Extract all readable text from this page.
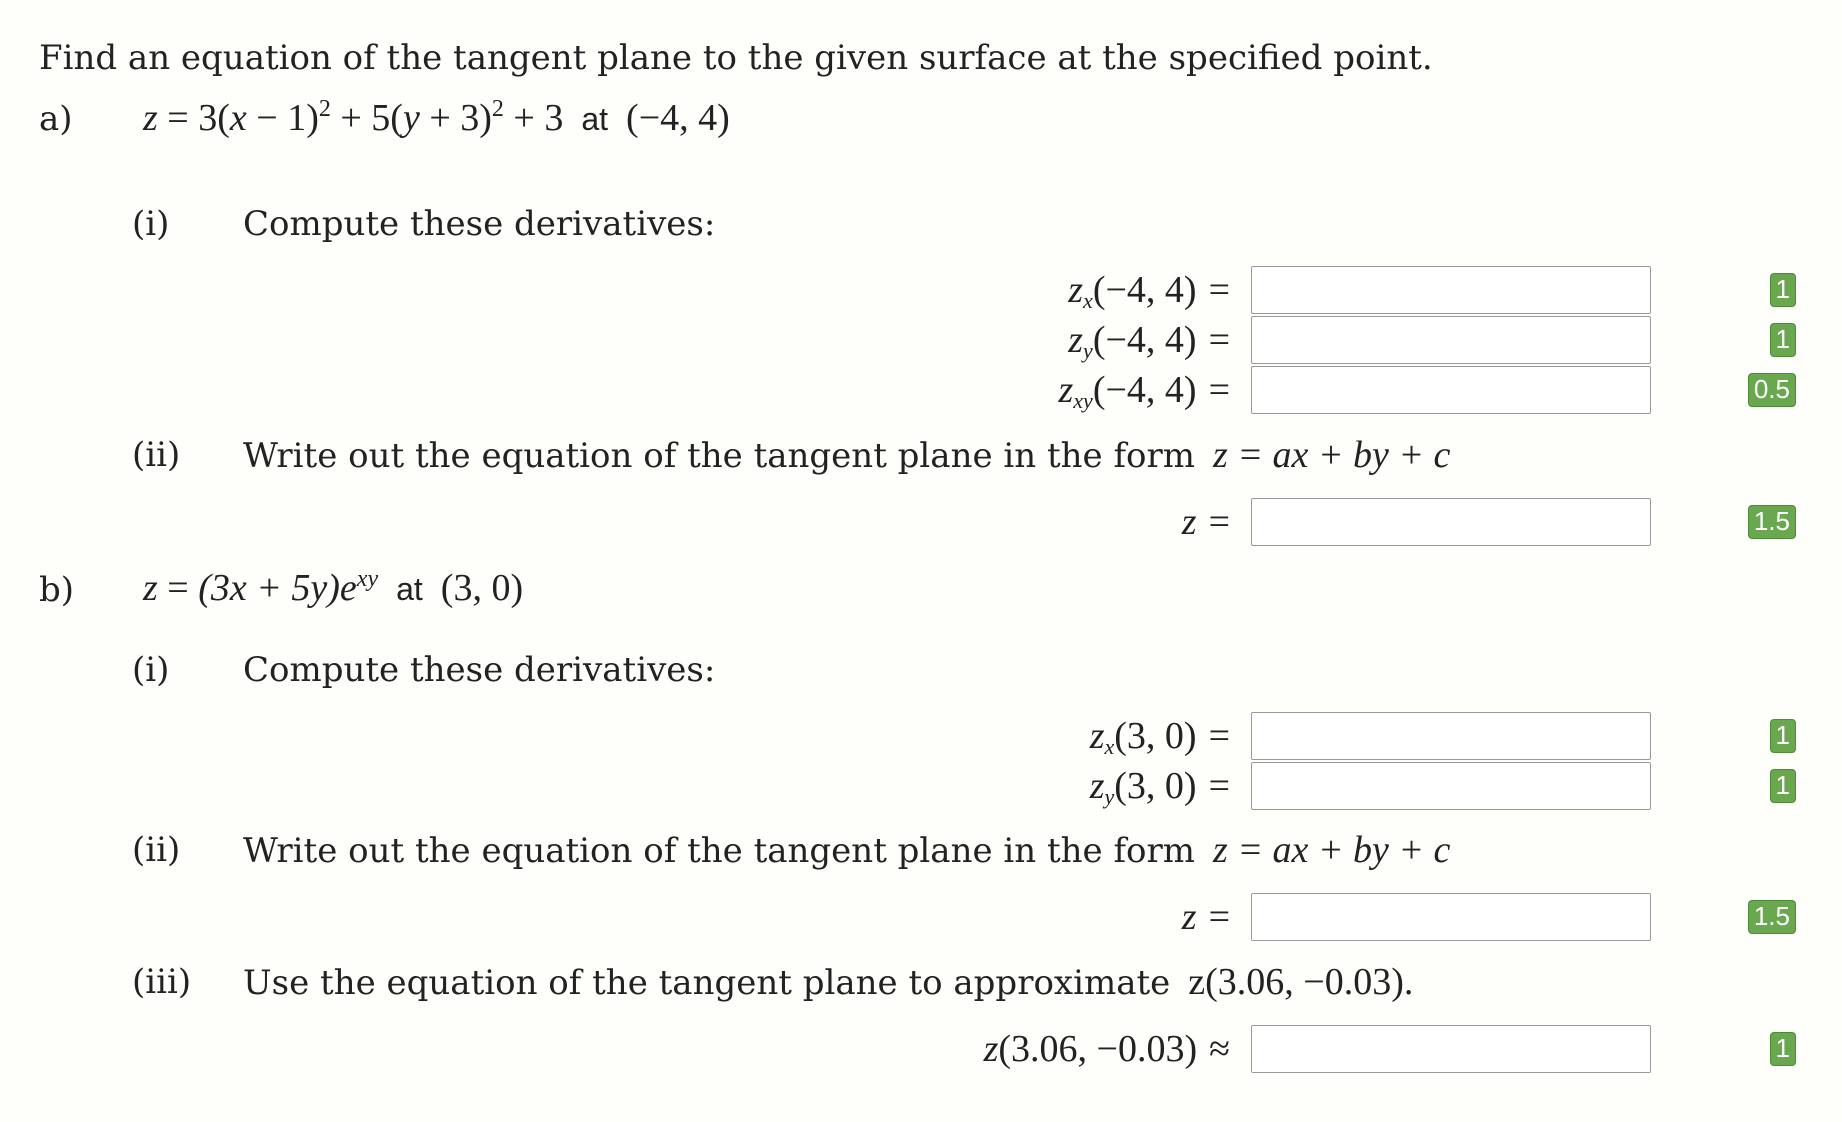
Find an equation of the tangent plane to the given surface at the specified point.
a) $z = 3(x - 1)^2 + 5(y + 3)^2 + 3$ at (−4, 4)
(i) Compute these derivatives:
$z_x(-4$, 4) =	1
$z_y(-4$, 4) =	1
$z_{xy}(-4$, 4) =	0.5
(ii) Write out the equation of the tangent plane in the form z = ax + by + c
z =	1.5
b) $z = (3x + 5y)e^{xy}$ at (3, 0)
(i) Compute these derivatives:
$z_x(3$, 0) =	1
$z_y(3$, 0) =	1
(ii) Write out the equation of the tangent plane in the form z = ax + by + c
z =	1.5
(iii) Use the equation of the tangent plane to approximate z(3.06, −0.03).
z(3.06, −0.03) ≈	1
